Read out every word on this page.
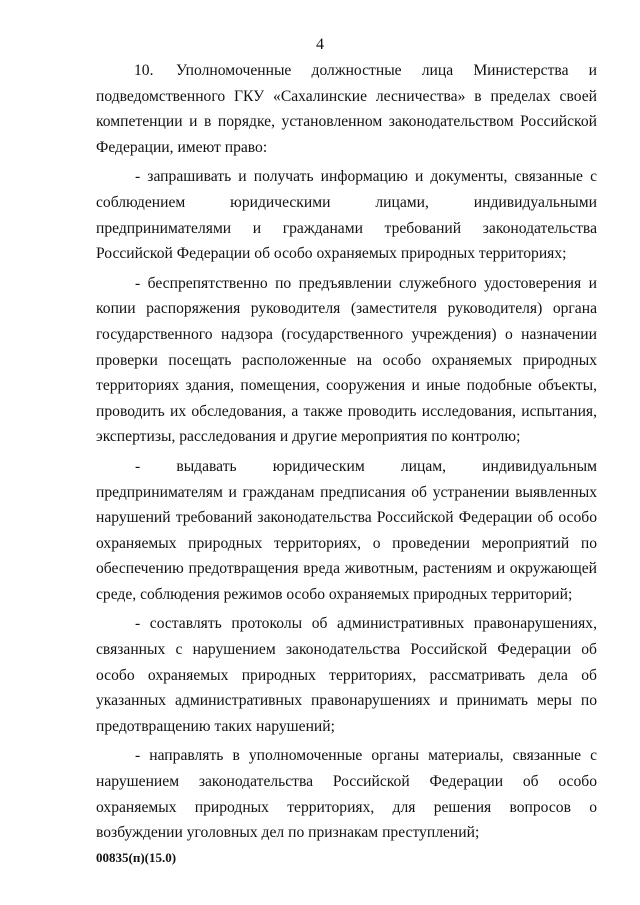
4

10. Уполномоченные должностные лица Министерства и подведомственного ГКУ «Сахалинские лесничества» в пределах своей компетенции и в порядке, установленном законодательством Российской Федерации, имеют право:

- запрашивать и получать информацию и документы, связанные с соблюдением юридическими лицами, индивидуальными предпринимателями и гражданами требований законодательства Российской Федерации об особо охраняемых природных территориях;

- беспрепятственно по предъявлении служебного удостоверения и копии распоряжения руководителя (заместителя руководителя) органа государственного надзора (государственного учреждения) о назначении проверки посещать расположенные на особо охраняемых природных территориях здания, помещения, сооружения и иные подобные объекты, проводить их обследования, а также проводить исследования, испытания, экспертизы, расследования и другие мероприятия по контролю;

- выдавать юридическим лицам, индивидуальным предпринимателям и гражданам предписания об устранении выявленных нарушений требований законодательства Российской Федерации об особо охраняемых природных территориях, о проведении мероприятий по обеспечению предотвращения вреда животным, растениям и окружающей среде, соблюдения режимов особо охраняемых природных территорий;

- составлять протоколы об административных правонарушениях, связанных с нарушением законодательства Российской Федерации об особо охраняемых природных территориях, рассматривать дела об указанных административных правонарушениях и принимать меры по предотвращению таких нарушений;

- направлять в уполномоченные органы материалы, связанные с нарушением законодательства Российской Федерации об особо охраняемых природных территориях, для решения вопросов о возбуждении уголовных дел по признакам преступлений;

00835(п)(15.0)
